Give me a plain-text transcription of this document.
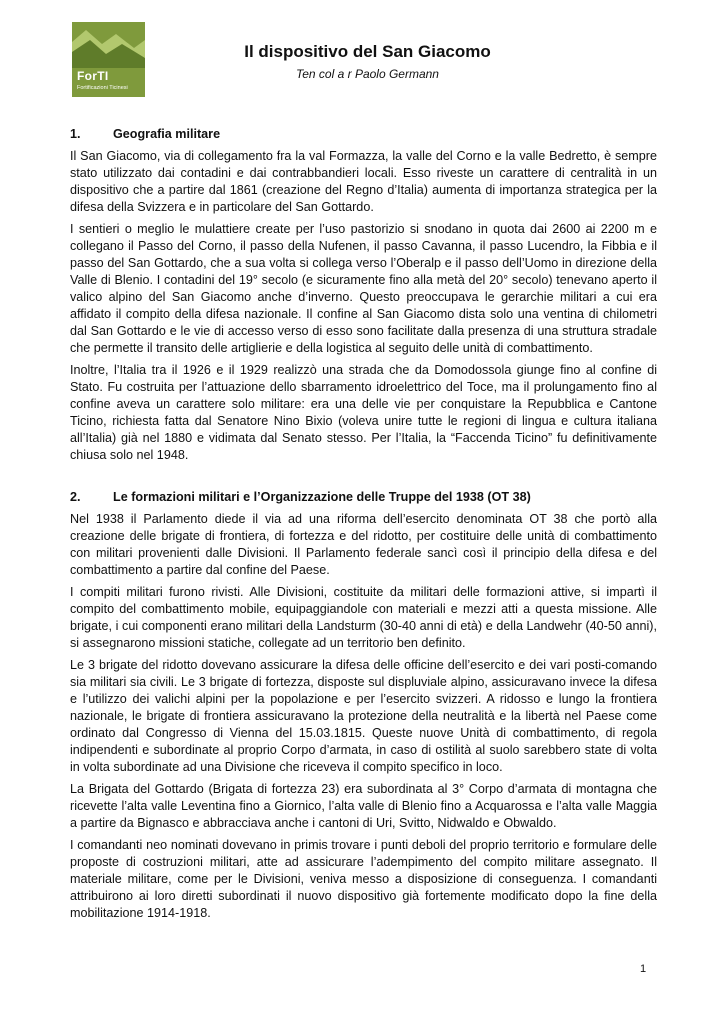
ForTI
Fortificazioni Ticinesi
Il dispositivo del San Giacomo

Ten col a r Paolo Germann

1.	Geografia militare

Il San Giacomo, via di collegamento fra la val Formazza, la valle del Corno e la valle Bedretto, è sempre stato utilizzato dai contadini e dai contrabbandieri locali. Esso riveste un carattere di centralità in un dispositivo che a partire dal 1861 (creazione del Regno d’Italia) aumenta di importanza strategica per la difesa della Svizzera e in particolare del San Gottardo.

I sentieri o meglio le mulattiere create per l’uso pastorizio si snodano in quota dai 2600 ai 2200 m e collegano il Passo del Corno, il passo della Nufenen, il passo Cavanna, il passo Lucendro, la Fibbia e il passo del San Gottardo, che a sua volta si collega verso l’Oberalp e il passo dell’Uomo in direzione della Valle di Blenio. I contadini del 19° secolo (e sicuramente fino alla metà del 20° secolo) tenevano aperto il valico alpino del San Giacomo anche d’inverno. Questo preoccupava le gerarchie militari a cui era affidato il compito della difesa nazionale. Il confine al San Giacomo dista solo una ventina di chilometri dal San Gottardo e le vie di accesso verso di esso sono facilitate dalla presenza di una struttura stradale che permette il transito delle artiglierie e della logistica al seguito delle unità di combattimento.

Inoltre, l’Italia tra il 1926 e il 1929 realizzò una strada che da Domodossola giunge fino al confine di Stato. Fu costruita per l’attuazione dello sbarramento idroelettrico del Toce, ma il prolungamento fino al confine aveva un carattere solo militare: era una delle vie per conquistare la Repubblica e Cantone Ticino, richiesta fatta dal Senatore Nino Bixio (voleva unire tutte le regioni di lingua e cultura italiana all’Italia) già nel 1880 e vidimata dal Senato stesso. Per l’Italia, la “Faccenda Ticino” fu definitivamente chiusa solo nel 1948.

2.	Le formazioni militari e l’Organizzazione delle Truppe del 1938 (OT 38)

Nel 1938 il Parlamento diede il via ad una riforma dell’esercito denominata OT 38 che portò alla creazione delle brigate di frontiera, di fortezza e del ridotto, per costituire delle unità di combattimento con militari provenienti dalle Divisioni. Il Parlamento federale sancì così il principio della difesa e del combattimento a partire dal confine del Paese.

I compiti militari furono rivisti. Alle Divisioni, costituite da militari delle formazioni attive, si impartì il compito del combattimento mobile, equipaggiandole con materiali e mezzi atti a questa missione. Alle brigate, i cui componenti erano militari della Landsturm (30-40 anni di età) e della Landwehr (40-50 anni), si assegnarono missioni statiche, collegate ad un territorio ben definito.

Le 3 brigate del ridotto dovevano assicurare la difesa delle officine dell’esercito e dei vari posti-comando sia militari sia civili. Le 3 brigate di fortezza, disposte sul displuviale alpino, assicuravano invece la difesa e l’utilizzo dei valichi alpini per la popolazione e per l’esercito svizzeri. A ridosso e lungo la frontiera nazionale, le brigate di frontiera assicuravano la protezione della neutralità e la libertà nel Paese come ordinato dal Congresso di Vienna del 15.03.1815. Queste nuove Unità di combattimento, di regola indipendenti e subordinate al proprio Corpo d’armata, in caso di ostilità al suolo sarebbero state di volta in volta subordinate ad una Divisione che riceveva il compito specifico in loco.

La Brigata del Gottardo (Brigata di fortezza 23) era subordinata al 3° Corpo d’armata di montagna che ricevette l’alta valle Leventina fino a Giornico, l’alta valle di Blenio fino a Acquarossa e l’alta valle Maggia a partire da Bignasco e abbracciava anche i cantoni di Uri, Svitto, Nidwaldo e Obwaldo.

I comandanti neo nominati dovevano in primis trovare i punti deboli del proprio territorio e formulare delle proposte di costruzioni militari, atte ad assicurare l’adempimento del compito militare assegnato. Il materiale militare, come per le Divisioni, veniva messo a disposizione di conseguenza. I comandanti attribuirono ai loro diretti subordinati il nuovo dispositivo già fortemente modificato dopo la fine della mobilitazione 1914-1918.

1
